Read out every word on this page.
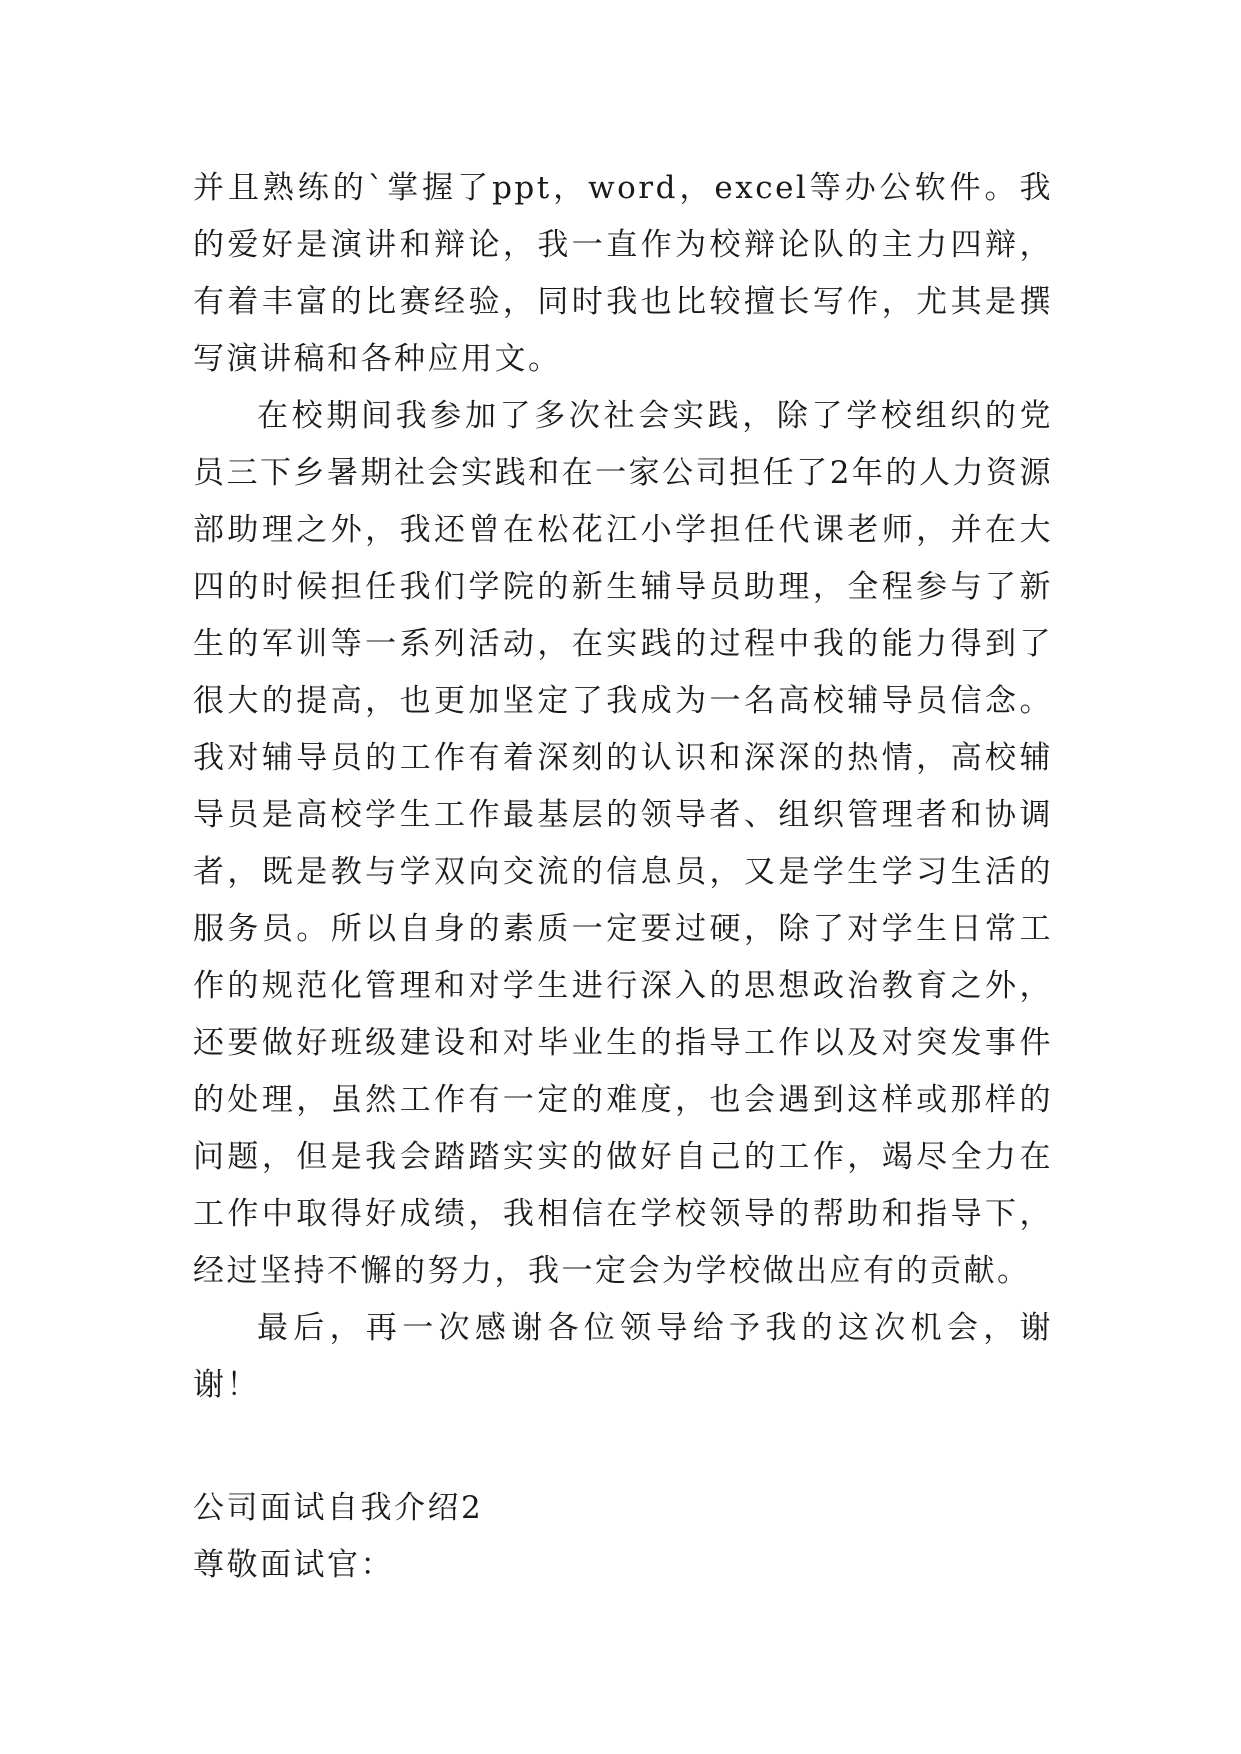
并且熟练的`掌握了ppt，word，excel等办公软件。我的爱好是演讲和辩论，我一直作为校辩论队的主力四辩，有着丰富的比赛经验，同时我也比较擅长写作，尤其是撰写演讲稿和各种应用文。

在校期间我参加了多次社会实践，除了学校组织的党员三下乡暑期社会实践和在一家公司担任了2年的人力资源部助理之外，我还曾在松花江小学担任代课老师，并在大四的时候担任我们学院的新生辅导员助理，全程参与了新生的军训等一系列活动，在实践的过程中我的能力得到了很大的提高，也更加坚定了我成为一名高校辅导员信念。我对辅导员的工作有着深刻的认识和深深的热情，高校辅导员是高校学生工作最基层的领导者、组织管理者和协调者，既是教与学双向交流的信息员，又是学生学习生活的服务员。所以自身的素质一定要过硬，除了对学生日常工作的规范化管理和对学生进行深入的思想政治教育之外，还要做好班级建设和对毕业生的指导工作以及对突发事件的处理，虽然工作有一定的难度，也会遇到这样或那样的问题，但是我会踏踏实实的做好自己的工作，竭尽全力在工作中取得好成绩，我相信在学校领导的帮助和指导下，经过坚持不懈的努力，我一定会为学校做出应有的贡献。

最后，再一次感谢各位领导给予我的这次机会，谢谢！

公司面试自我介绍2

尊敬面试官：
